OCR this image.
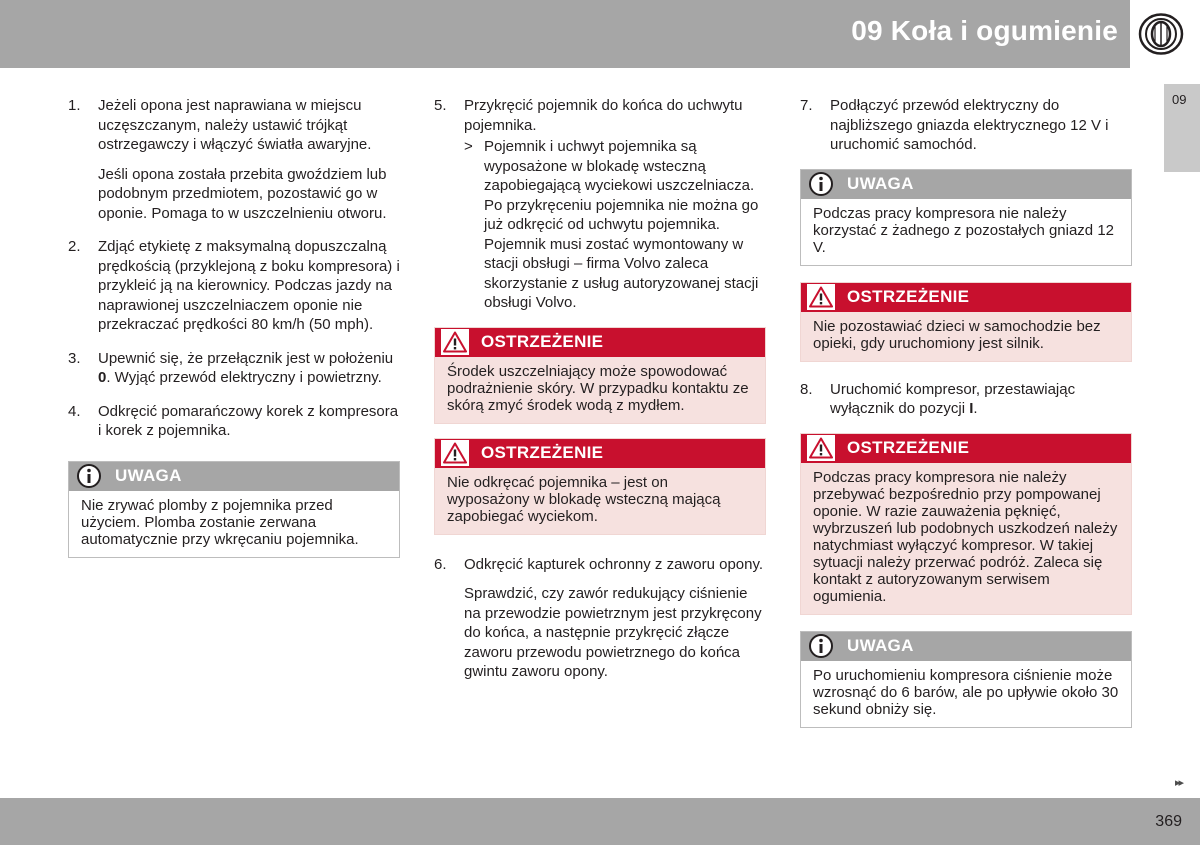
09 Koła i ogumienie
09
1. Jeżeli opona jest naprawiana w miejscu uczęszczanym, należy ustawić trójkąt ostrzegawczy i włączyć światła awaryjne.

Jeśli opona została przebita gwoździem lub podobnym przedmiotem, pozostawić go w oponie. Pomaga to w uszczelnieniu otworu.

2. Zdjąć etykietę z maksymalną dopuszczalną prędkością (przyklejoną z boku kompresora) i przykleić ją na kierownicy. Podczas jazdy na naprawionej uszczelniaczem oponie nie przekraczać prędkości 80 km/h (50 mph).

3. Upewnić się, że przełącznik jest w położeniu 0. Wyjąć przewód elektryczny i powietrzny.

4. Odkręcić pomarańczowy korek z kompresora i korek z pojemnika.

UWAGA
Nie zrywać plomby z pojemnika przed użyciem. Plomba zostanie zerwana automatycznie przy wkręcaniu pojemnika.
5. Przykręcić pojemnik do końca do uchwytu pojemnika.

> Pojemnik i uchwyt pojemnika są wyposażone w blokadę wsteczną zapobiegającą wyciekowi uszczelniacza. Po przykręceniu pojemnika nie można go już odkręcić od uchwytu pojemnika. Pojemnik musi zostać wymontowany w stacji obsługi – firma Volvo zaleca skorzystanie z usług autoryzowanej stacji obsługi Volvo.

OSTRZEŻENIE
Środek uszczelniający może spowodować podrażnienie skóry. W przypadku kontaktu ze skórą zmyć środek wodą z mydłem.
OSTRZEŻENIE
Nie odkręcać pojemnika – jest on wyposażony w blokadę wsteczną mającą zapobiegać wyciekom.
6. Odkręcić kapturek ochronny z zaworu opony.

Sprawdzić, czy zawór redukujący ciśnienie na przewodzie powietrznym jest przykręcony do końca, a następnie przykręcić złącze zaworu przewodu powietrznego do końca gwintu zaworu opony.

7. Podłączyć przewód elektryczny do najbliższego gniazda elektrycznego 12 V i uruchomić samochód.

UWAGA
Podczas pracy kompresora nie należy korzystać z żadnego z pozostałych gniazd 12 V.
OSTRZEŻENIE
Nie pozostawiać dzieci w samochodzie bez opieki, gdy uruchomiony jest silnik.
8. Uruchomić kompresor, przestawiając wyłącznik do pozycji I.

OSTRZEŻENIE
Podczas pracy kompresora nie należy przebywać bezpośrednio przy pompowanej oponie. W razie zauważenia pęknięć, wybrzuszeń lub podobnych uszkodzeń należy natychmiast wyłączyć kompresor. W takiej sytuacji należy przerwać podróż. Zaleca się kontakt z autoryzowanym serwisem ogumienia.
UWAGA
Po uruchomieniu kompresora ciśnienie może wzrosnąć do 6 barów, ale po upływie około 30 sekund obniży się.
▸▸
369
